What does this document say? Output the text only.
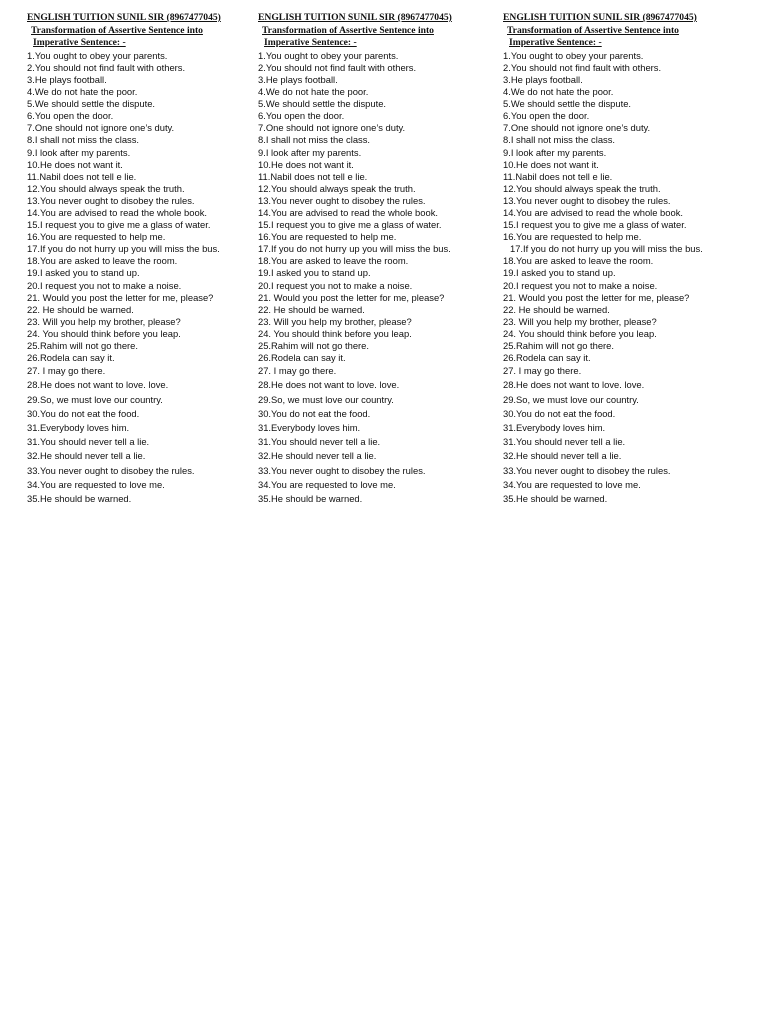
ENGLISH TUITION SUNIL SIR (8967477045)
Transformation of Assertive Sentence into
Imperative Sentence: -
1.You ought to obey your parents.
2.You should not find fault with others.
3.He plays football.
4.We do not hate the poor.
5.We should settle the dispute.
6.You open the door.
7.One should not ignore one’s duty.
8.I shall not miss the class.
9.I look after my parents.
10.He does not want it.
11.Nabil does not tell e lie.
12.You should always speak the truth.
13.You never ought to disobey the rules.
14.You are advised to read the whole book.
15.I request you to give me a glass of water.
16.You are requested to help me.
17.If you do not hurry up you will miss the bus.
18.You are asked to leave the room.
19.I asked you to stand up.
20.I request you not to make a noise.
21. Would you post the letter for me, please?
22. He should be warned.
23. Will you help my brother, please?
24. You should think before you leap.
25.Rahim will not go there.
26.Rodela can say it.
27. I may go there.
28.He does not want to love. love.
29.So, we must love our country.
30.You do not eat the food.
31.Everybody loves him.
31.You should never tell a lie.
32.He should never tell a lie.
33.You never ought to disobey the rules.
34.You are requested to love me.
35.He should be warned.
ENGLISH TUITION SUNIL SIR (8967477045)
Transformation of Assertive Sentence into
Imperative Sentence: -
1.You ought to obey your parents.
2.You should not find fault with others.
3.He plays football.
4.We do not hate the poor.
5.We should settle the dispute.
6.You open the door.
7.One should not ignore one’s duty.
8.I shall not miss the class.
9.I look after my parents.
10.He does not want it.
11.Nabil does not tell e lie.
12.You should always speak the truth.
13.You never ought to disobey the rules.
14.You are advised to read the whole book.
15.I request you to give me a glass of water.
16.You are requested to help me.
17.If you do not hurry up you will miss the bus.
18.You are asked to leave the room.
19.I asked you to stand up.
20.I request you not to make a noise.
21. Would you post the letter for me, please?
22. He should be warned.
23. Will you help my brother, please?
24. You should think before you leap.
25.Rahim will not go there.
26.Rodela can say it.
27. I may go there.
28.He does not want to love. love.
29.So, we must love our country.
30.You do not eat the food.
31.Everybody loves him.
31.You should never tell a lie.
32.He should never tell a lie.
33.You never ought to disobey the rules.
34.You are requested to love me.
35.He should be warned.
ENGLISH TUITION SUNIL SIR (8967477045)
Transformation of Assertive Sentence into
Imperative Sentence: -
1.You ought to obey your parents.
2.You should not find fault with others.
3.He plays football.
4.We do not hate the poor.
5.We should settle the dispute.
6.You open the door.
7.One should not ignore one’s duty.
8.I shall not miss the class.
9.I look after my parents.
10.He does not want it.
11.Nabil does not tell e lie.
12.You should always speak the truth.
13.You never ought to disobey the rules.
14.You are advised to read the whole book.
15.I request you to give me a glass of water.
16.You are requested to help me.
17.If you do not hurry up you will miss the bus.
18.You are asked to leave the room.
19.I asked you to stand up.
20.I request you not to make a noise.
21. Would you post the letter for me, please?
22. He should be warned.
23. Will you help my brother, please?
24. You should think before you leap.
25.Rahim will not go there.
26.Rodela can say it.
27. I may go there.
28.He does not want to love. love.
29.So, we must love our country.
30.You do not eat the food.
31.Everybody loves him.
31.You should never tell a lie.
32.He should never tell a lie.
33.You never ought to disobey the rules.
34.You are requested to love me.
35.He should be warned.
